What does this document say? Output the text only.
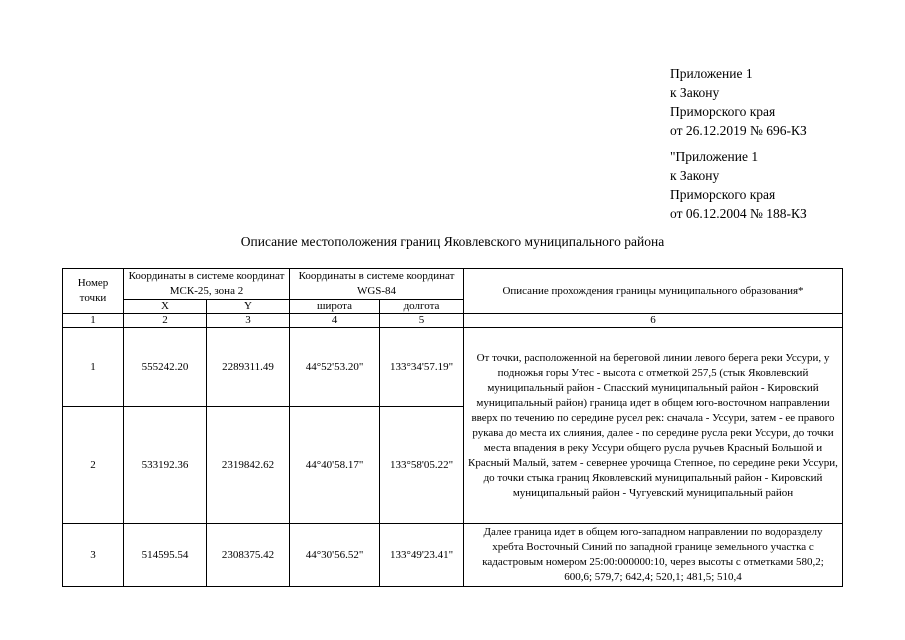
Приложение 1
к Закону
Приморского края
от 26.12.2019 № 696-КЗ
"Приложение 1
к Закону
Приморского края
от 06.12.2004 № 188-КЗ
Описание местоположения границ Яковлевского муниципального района
Номер точки	Координаты в системе координат МСК-25, зона 2		Координаты в системе координат WGS-84		Описание прохождения границы муниципального образования*
	X	Y	широта	долгота	
1	2	3	4	5	6
1	555242.20	2289311.49	44°52'53.20"	133°34'57.19"	От точки, расположенной на береговой линии левого берега реки Уссури, у подножья горы Утес - высота с отметкой 257,5 (стык Яковлевский муниципальный район - Спасский муниципальный район - Кировский муниципальный район) граница идет в общем юго-восточном направлении вверх по течению по середине русел рек: сначала - Уссури, затем - ее правого рукава до места их слияния, далее - по середине русла реки Уссури, до точки места впадения в реку Уссури общего русла ручьев Красный Большой и Красный Малый, затем - севернее урочища Степное, по середине реки Уссури, до точки стыка границ Яковлевский муниципальный район - Кировский муниципальный район - Чугуевский муниципальный район
2	533192.36	2319842.62	44°40'58.17"	133°58'05.22"	
3	514595.54	2308375.42	44°30'56.52"	133°49'23.41"	Далее граница идет в общем юго-западном направлении по водоразделу хребта Восточный Синий по западной границе земельного участка с кадастровым номером 25:00:000000:10, через высоты с отметками 580,2; 600,6; 579,7; 642,4; 520,1; 481,5; 510,4
